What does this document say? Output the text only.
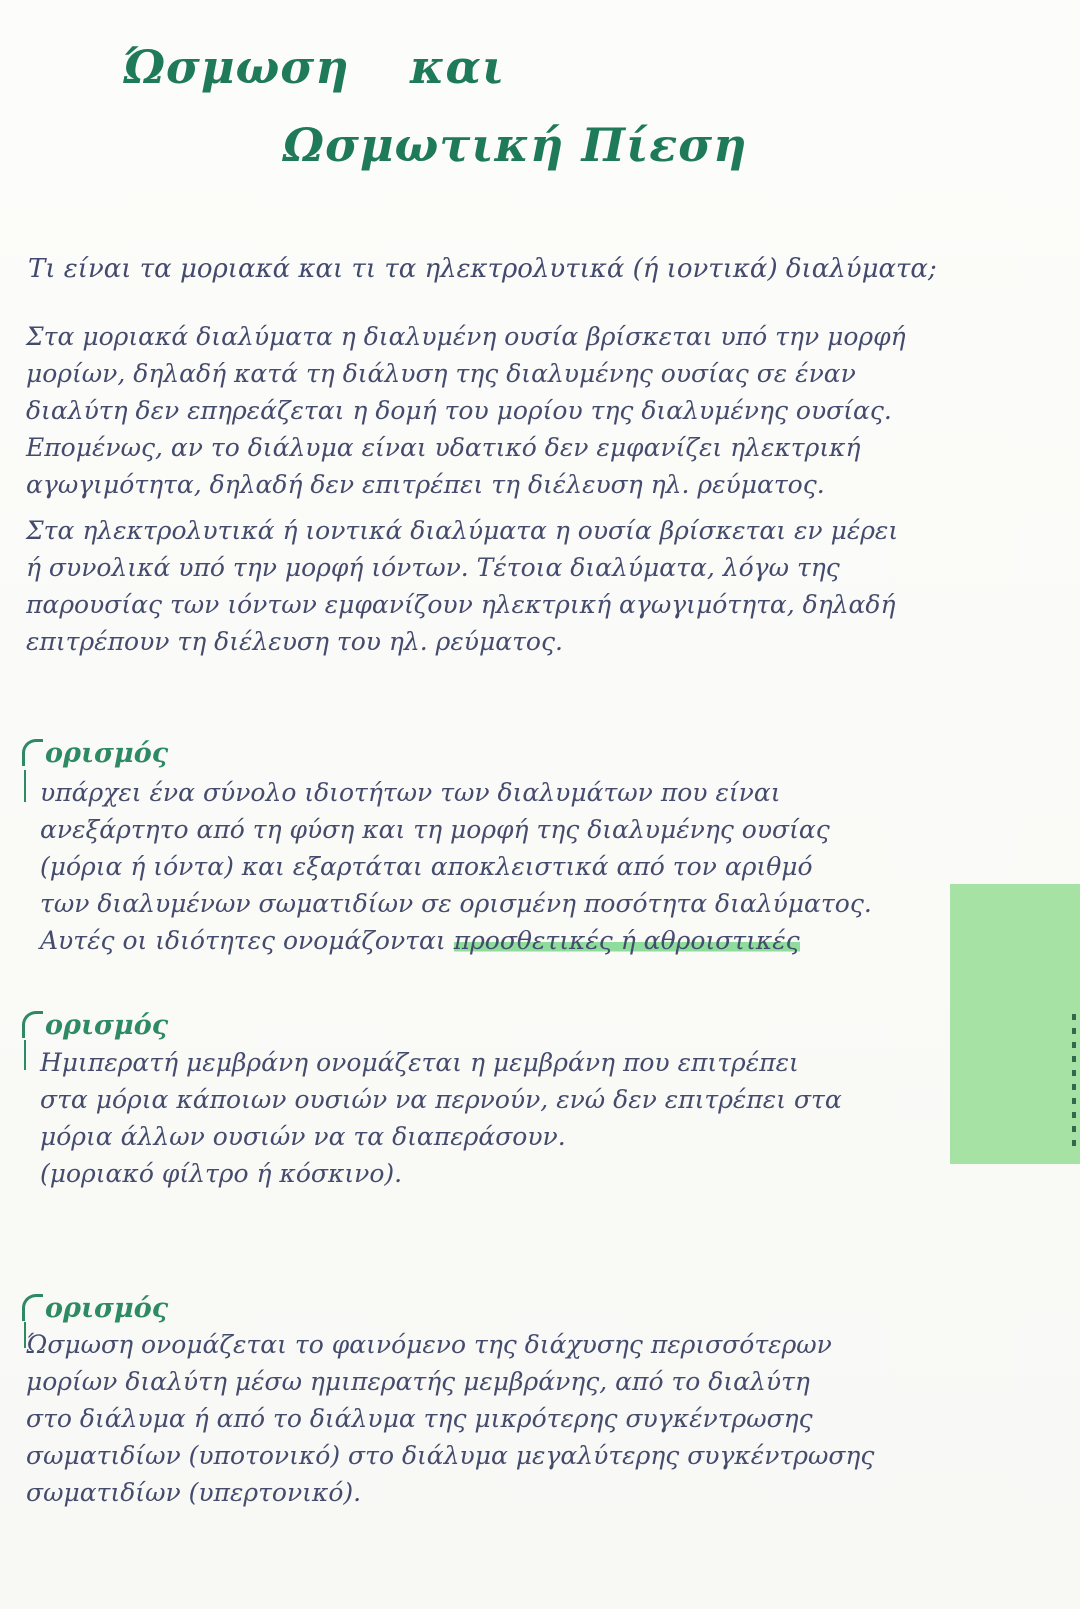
Ώσμωση και
Ωσμωτική Πίεση
Τι είναι τα μοριακά και τι τα ηλεκτρολυτικά (ή ιοντικά) διαλύματα;
Στα μοριακά διαλύματα η διαλυμένη ουσία βρίσκεται υπό την μορφή
μορίων, δηλαδή κατά τη διάλυση της διαλυμένης ουσίας σε έναν
διαλύτη δεν επηρεάζεται η δομή του μορίου της διαλυμένης ουσίας.
Επομένως, αν το διάλυμα είναι υδατικό δεν εμφανίζει ηλεκτρική
αγωγιμότητα, δηλαδή δεν επιτρέπει τη διέλευση ηλ. ρεύματος.
Στα ηλεκτρολυτικά ή ιοντικά διαλύματα η ουσία βρίσκεται εν μέρει
ή συνολικά υπό την μορφή ιόντων. Τέτοια διαλύματα, λόγω της
παρουσίας των ιόντων εμφανίζουν ηλεκτρική αγωγιμότητα, δηλαδή
επιτρέπουν τη διέλευση του ηλ. ρεύματος.
ορισμός
υπάρχει ένα σύνολο ιδιοτήτων των διαλυμάτων που είναι
ανεξάρτητο από τη φύση και τη μορφή της διαλυμένης ουσίας
(μόρια ή ιόντα) και εξαρτάται αποκλειστικά από τον αριθμό
των διαλυμένων σωματιδίων σε ορισμένη ποσότητα διαλύματος.
Αυτές οι ιδιότητες ονομάζονται προσθετικές ή αθροιστικές
ορισμός
Ημιπερατή μεμβράνη ονομάζεται η μεμβράνη που επιτρέπει
στα μόρια κάποιων ουσιών να περνούν, ενώ δεν επιτρέπει στα
μόρια άλλων ουσιών να τα διαπεράσουν.
(μοριακό φίλτρο ή κόσκινο).
ορισμός
Ώσμωση ονομάζεται το φαινόμενο της διάχυσης περισσότερων
μορίων διαλύτη μέσω ημιπερατής μεμβράνης, από το διαλύτη
στο διάλυμα ή από το διάλυμα της μικρότερης συγκέντρωσης
σωματιδίων (υποτονικό) στο διάλυμα μεγαλύτερης συγκέντρωσης
σωματιδίων (υπερτονικό).
